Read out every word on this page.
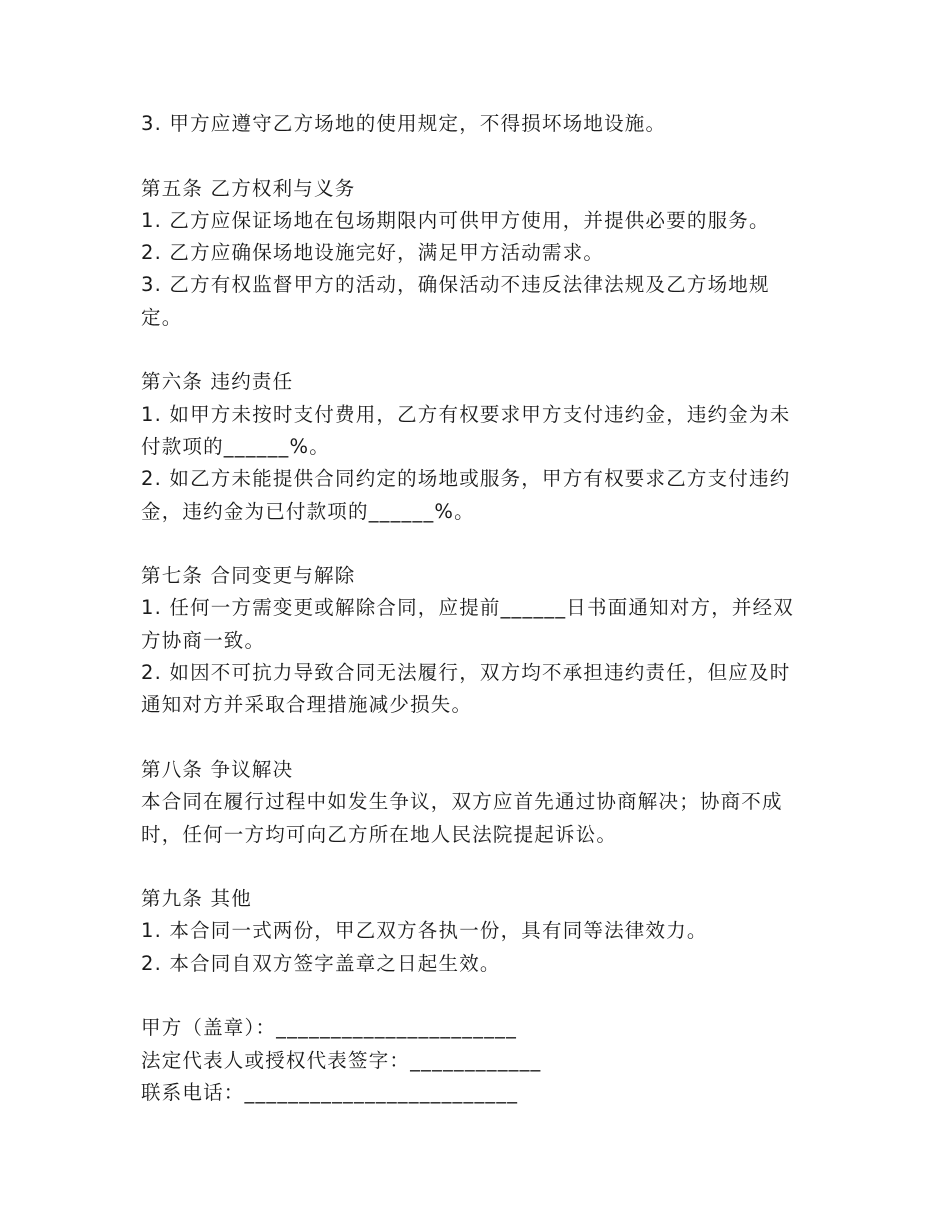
3. 甲方应遵守乙方场地的使用规定，不得损坏场地设施。
第五条 乙方权利与义务
1. 乙方应保证场地在包场期限内可供甲方使用，并提供必要的服务。
2. 乙方应确保场地设施完好，满足甲方活动需求。
3. 乙方有权监督甲方的活动，确保活动不违反法律法规及乙方场地规定。
第六条 违约责任
1. 如甲方未按时支付费用，乙方有权要求甲方支付违约金，违约金为未付款项的______%。
2. 如乙方未能提供合同约定的场地或服务，甲方有权要求乙方支付违约金，违约金为已付款项的______%。
第七条 合同变更与解除
1. 任何一方需变更或解除合同，应提前______日书面通知对方，并经双方协商一致。
2. 如因不可抗力导致合同无法履行，双方均不承担违约责任，但应及时通知对方并采取合理措施减少损失。
第八条 争议解决
本合同在履行过程中如发生争议，双方应首先通过协商解决；协商不成时，任何一方均可向乙方所在地人民法院提起诉讼。
第九条 其他
1. 本合同一式两份，甲乙双方各执一份，具有同等法律效力。
2. 本合同自双方签字盖章之日起生效。
甲方（盖章）：______________________
法定代表人或授权代表签字：____________
联系电话：_________________________
